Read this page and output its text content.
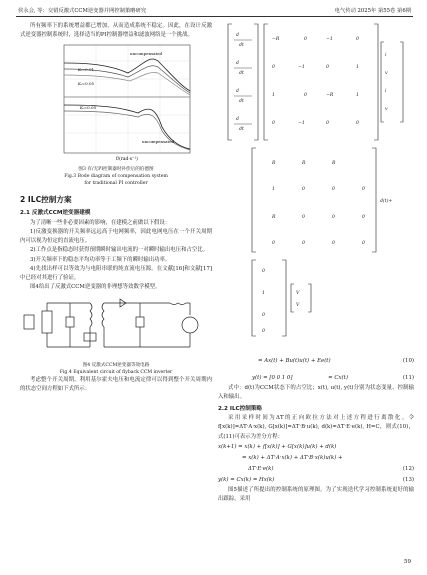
侯永会, 等：交错反激式CCM逆变器并网控制策略研究	电气传动 2025年 第55卷 第6期

所有频率下的系统增益都已增加，从而造成系统不稳定。因此，在设计反激式逆变器控制系统时，选择适当的PI控制器增益和滤波网络是一个挑战。

uncompensated
Kᵢ=0.01
Kᵢ=0.05
Kᵢ=0.05
uncompensated
f/(rad·s⁻¹)
图3 有/无PI控制器时补偿后的伯德图
Fig.3 Bode diagram of compensation system
for traditional PI controller
2 ILC控制方案
2.1 反激式CCM逆变器建模

为了清晰一些非必要因素的影响，在建模之前做以下假设：

1)反激变换器的开关频率远远高于电网频率，因此电网电压在一个开关周期内可以视为恒定的直流电压。

2)工作点是指稳态时获得预期瞬时输出电流的一对瞬时输出电压和占空比。

3)开关频率下的稳态平均功率等于工频下的瞬时输出功率。

4)先找出样可以等效为与电阻串联的纯直流电压源。在文献[16]和文献[17]中已经对其进行了验证。

图4给出了反激式CCM逆变器的非理想等效数学模型。

图4 反激式CCM逆变器等效电路
Fig.4 Equivalent circuit of flyback CCM inverter

考虑整个开关周期，利用基尔霍夫电压和电流定律可以得到整个开关周期内的状态空间方程如下式所示：

d
d
d
d
dt
dt
dt
dt
−R	0	−1	0
0	−1	0	1
1	0	−R	1
0	−1	0	0
i
v
i
v
R	R	R
1	0	0	0
R	0	0	0
0	0	0	0
d(t)+
0
1
0
0
V
V
= Ax(t) + Bu(t)u(t) + Ee(t)	(10)
y(t) = [0 0 1 0]	= Cx(t)	(11)

式中：d(t)为CCM状态下的占空比；x(t), u(t), y(t)分别为状态变量、控制输入和输出。

2.2 ILC控制策略

采用采样时间为ΔT的正向欧拉方法对上述方程进行离散化。令f[x(k)]=ΔT·A·x(k), G[x(k)]=ΔT·B·u(k), d(k)=ΔT·E·e(k), H=C，则式(10)，式(11)可表示为差分方程：

x(k+1) = x(k) + f[x(k)] + G[x(k)]u(k) + d(k)
= x(k) + ΔT·A·x(k) + ΔT·B·x(k)u(k) +
ΔT·E·e(k)	(12)
y(k) = Cx(k) = Hx(k)	(13)

图5描述了所提出的控制系统的原理图。为了实现迭代学习控制系统更好的输出跟踪，采用

59
